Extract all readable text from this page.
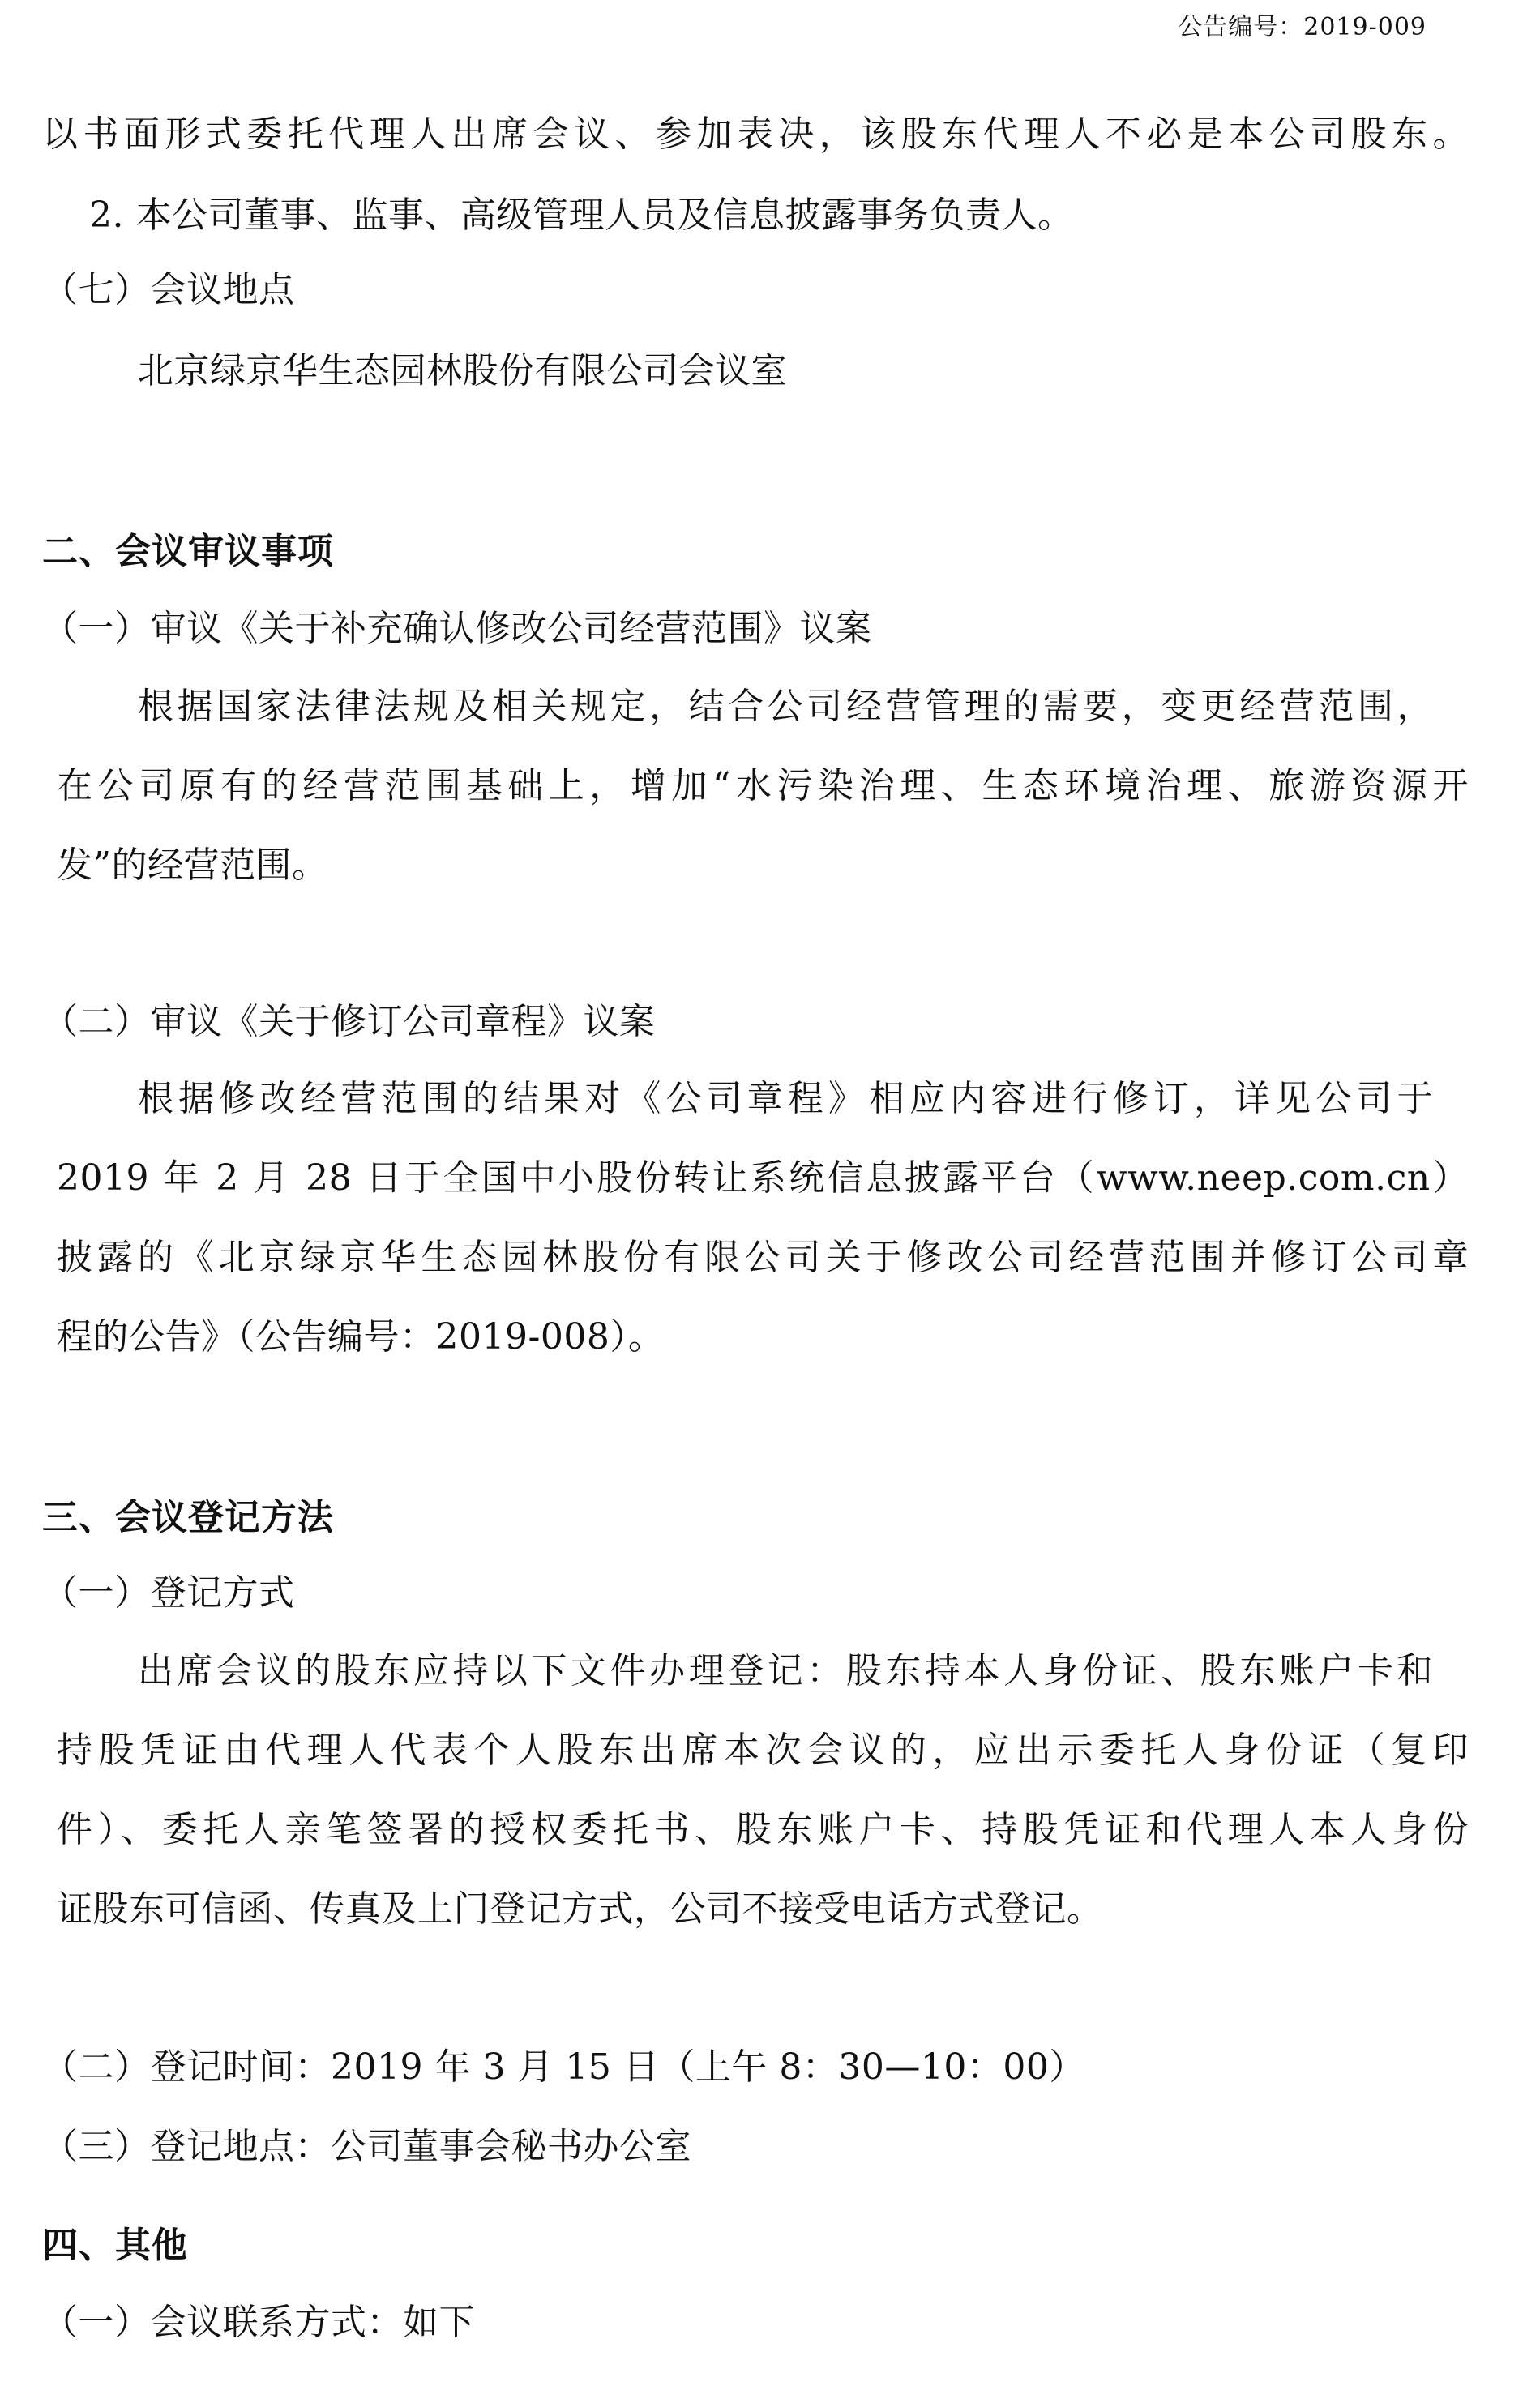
公告编号：2019-009
以书面形式委托代理人出席会议、参加表决，该股东代理人不必是本公司股东。
2. 本公司董事、监事、高级管理人员及信息披露事务负责人。
（七）会议地点
北京绿京华生态园林股份有限公司会议室
二、会议审议事项
（一）审议《关于补充确认修改公司经营范围》议案
根据国家法律法规及相关规定，结合公司经营管理的需要，变更经营范围，
在公司原有的经营范围基础上，增加“水污染治理、生态环境治理、旅游资源开
发”的经营范围。
（二）审议《关于修订公司章程》议案
根据修改经营范围的结果对《公司章程》相应内容进行修订，详见公司于
2019 年 2 月 28 日于全国中小股份转让系统信息披露平台（www.neep.com.cn）
披露的《北京绿京华生态园林股份有限公司关于修改公司经营范围并修订公司章
程的公告》（公告编号：2019-008）。
三、会议登记方法
（一）登记方式
出席会议的股东应持以下文件办理登记：股东持本人身份证、股东账户卡和
持股凭证由代理人代表个人股东出席本次会议的，应出示委托人身份证（复印
件）、委托人亲笔签署的授权委托书、股东账户卡、持股凭证和代理人本人身份
证股东可信函、传真及上门登记方式，公司不接受电话方式登记。
（二）登记时间：2019 年 3 月 15 日（上午 8：30—10：00）
（三）登记地点：公司董事会秘书办公室
四、其他
（一）会议联系方式：如下
